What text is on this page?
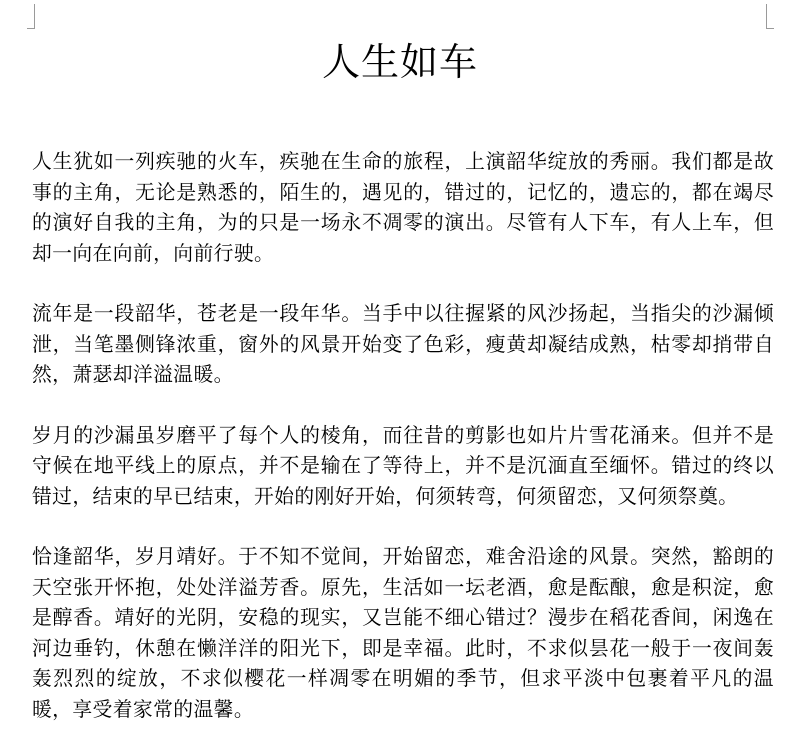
人生如车

人生犹如一列疾驰的火车，疾驰在生命的旅程，上演韶华绽放的秀丽。我们都是故事的主角，无论是熟悉的，陌生的，遇见的，错过的，记忆的，遗忘的，都在竭尽的演好自我的主角，为的只是一场永不凋零的演出。尽管有人下车，有人上车，但却一向在向前，向前行驶。

流年是一段韶华，苍老是一段年华。当手中以往握紧的风沙扬起，当指尖的沙漏倾泄，当笔墨侧锋浓重，窗外的风景开始变了色彩，瘦黄却凝结成熟，枯零却捎带自然，萧瑟却洋溢温暖。

岁月的沙漏虽岁磨平了每个人的棱角，而往昔的剪影也如片片雪花涌来。但并不是守候在地平线上的原点，并不是输在了等待上，并不是沉湎直至缅怀。错过的终以错过，结束的早已结束，开始的刚好开始，何须转弯，何须留恋，又何须祭奠。

恰逢韶华，岁月靖好。于不知不觉间，开始留恋，难舍沿途的风景。突然，豁朗的天空张开怀抱，处处洋溢芳香。原先，生活如一坛老酒，愈是酝酿，愈是积淀，愈是醇香。靖好的光阴，安稳的现实，又岂能不细心错过？漫步在稻花香间，闲逸在河边垂钓，休憩在懒洋洋的阳光下，即是幸福。此时，不求似昙花一般于一夜间轰轰烈烈的绽放，不求似樱花一样凋零在明媚的季节，但求平淡中包裹着平凡的温暖，享受着家常的温馨。
